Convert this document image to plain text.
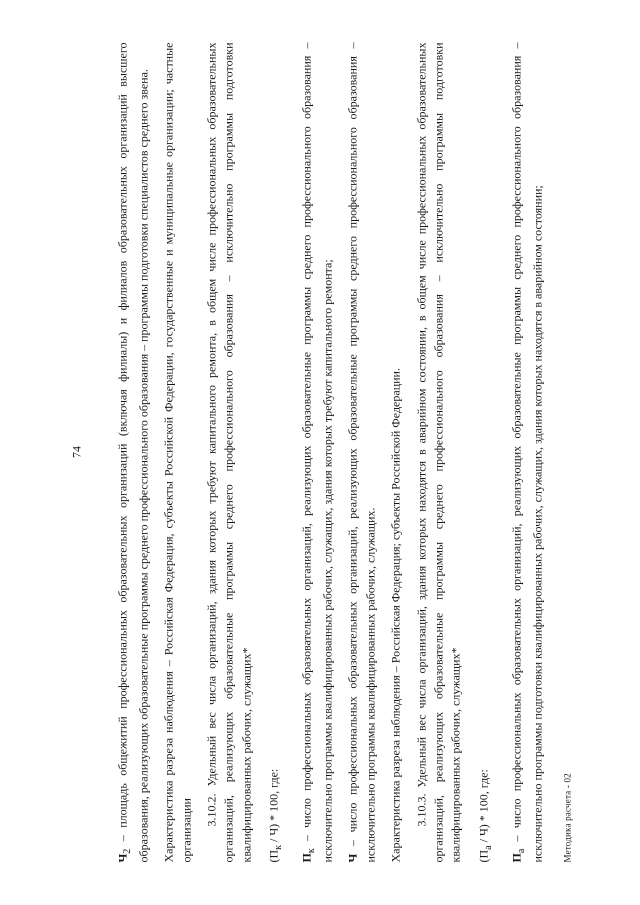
74

$Ч_2$ – площадь общежитий профессиональных образовательных организаций (включая филиалы) и филиалов образовательных организаций высшего образования, реализующих образовательные программы среднего профессионального образования – программы подготовки специалистов среднего звена. Характеристика разреза наблюдения – Российская Федерация, субъекты Российской Федерации, государственные и муниципальные организации; частные организации

3.10.2. Удельный вес числа организаций, здания которых требуют капитального ремонта, в общем числе профессиональных образовательных организаций, реализующих образовательные программы среднего профессионального образования – исключительно программы подготовки квалифицированных рабочих, служащих* $(П_к / Ч) * 100$, где:

$П_к$ – число профессиональных образовательных организаций, реализующих образовательные программы среднего профессионального образования – исключительно программы квалифицированных рабочих, служащих, здания которых требуют капитального ремонта; Ч – число профессиональных образовательных организаций, реализующих образовательные программы среднего профессионального образования – исключительно программы квалифицированных рабочих, служащих. Характеристика разреза наблюдения – Российская Федерация; субъекты Российской Федерации. 3.10.3. Удельный вес числа организаций, здания которых находятся в аварийном состоянии, в общем числе профессиональных образовательных организаций, реализующих образовательные программы среднего профессионального образования – исключительно программы подготовки квалифицированных рабочих, служащих* $(П_а / Ч) * 100$, где:

$П_а$ – число профессиональных образовательных организаций, реализующих образовательные программы среднего профессионального образования – исключительно программы подготовки квалифицированных рабочих, служащих, здания которых находятся в аварийном состоянии; Методика расчета - 02
